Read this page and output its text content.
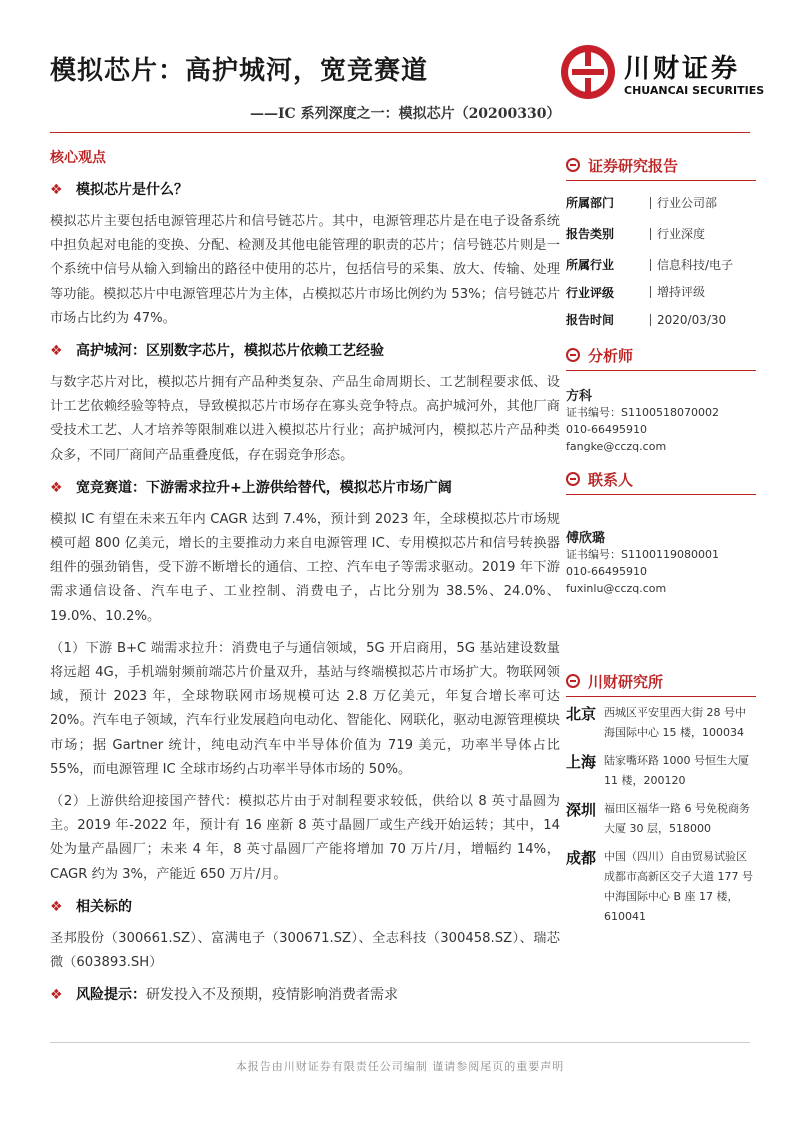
模拟芯片：高护城河，宽竞赛道
——IC 系列深度之一：模拟芯片（20200330）
川财证券
CHUANCAI SECURITIES
核心观点
❖ 模拟芯片是什么？

模拟芯片主要包括电源管理芯片和信号链芯片。其中，电源管理芯片是在电子设备系统中担负起对电能的变换、分配、检测及其他电能管理的职责的芯片；信号链芯片则是一个系统中信号从输入到输出的路径中使用的芯片，包括信号的采集、放大、传输、处理等功能。模拟芯片中电源管理芯片为主体，占模拟芯片市场比例约为 53%；信号链芯片市场占比约为 47%。

❖ 高护城河：区别数字芯片，模拟芯片依赖工艺经验

与数字芯片对比，模拟芯片拥有产品种类复杂、产品生命周期长、工艺制程要求低、设计工艺依赖经验等特点，导致模拟芯片市场存在寡头竞争特点。高护城河外，其他厂商受技术工艺、人才培养等限制难以进入模拟芯片行业；高护城河内，模拟芯片产品种类众多，不同厂商间产品重叠度低，存在弱竞争形态。

❖ 宽竞赛道：下游需求拉升+上游供给替代，模拟芯片市场广阔

模拟 IC 有望在未来五年内 CAGR 达到 7.4%，预计到 2023 年，全球模拟芯片市场规模可超 800 亿美元，增长的主要推动力来自电源管理 IC、专用模拟芯片和信号转换器组件的强劲销售，受下游不断增长的通信、工控、汽车电子等需求驱动。2019 年下游需求通信设备、汽车电子、工业控制、消费电子，占比分别为 38.5%、24.0%、19.0%、10.2%。

（1）下游 B+C 端需求拉升：消费电子与通信领域，5G 开启商用，5G 基站建设数量将远超 4G，手机端射频前端芯片价量双升，基站与终端模拟芯片市场扩大。物联网领域，预计 2023 年，全球物联网市场规模可达 2.8 万亿美元，年复合增长率可达 20%。汽车电子领域，汽车行业发展趋向电动化、智能化、网联化，驱动电源管理模块市场；据 Gartner 统计，纯电动汽车中半导体价值为 719 美元，功率半导体占比 55%，而电源管理 IC 全球市场约占功率半导体市场的 50%。

（2）上游供给迎接国产替代：模拟芯片由于对制程要求较低，供给以 8 英寸晶圆为主。2019 年-2022 年，预计有 16 座新 8 英寸晶圆厂或生产线开始运转；其中，14 处为量产晶圆厂；未来 4 年，8 英寸晶圆厂产能将增加 70 万片/月，增幅约 14%，CAGR 约为 3%，产能近 650 万片/月。

❖ 相关标的

圣邦股份（300661.SZ）、富满电子（300671.SZ）、全志科技（300458.SZ）、瑞芯微（603893.SH）

❖ 风险提示：研发投入不及预期，疫情影响消费者需求
证券研究报告
所属部门	行业公司部
报告类别	行业深度
所属行业	信息科技/电子
行业评级	增持评级
报告时间	2020/03/30
分析师
方科
证书编号：S1100518070002
010-66495910
fangke@cczq.com
联系人
傅欣璐
证书编号：S1100119080001
010-66495910
fuxinlu@cczq.com
川财研究所
北京 西城区平安里西大街 28 号中海国际中心 15 楼，100034
上海 陆家嘴环路 1000 号恒生大厦 11 楼，200120
深圳 福田区福华一路 6 号免税商务大厦 30 层，518000
成都 中国（四川）自由贸易试验区成都市高新区交子大道 177 号中海国际中心 B 座 17 楼，610041
本报告由川财证券有限责任公司编制 谨请参阅尾页的重要声明
